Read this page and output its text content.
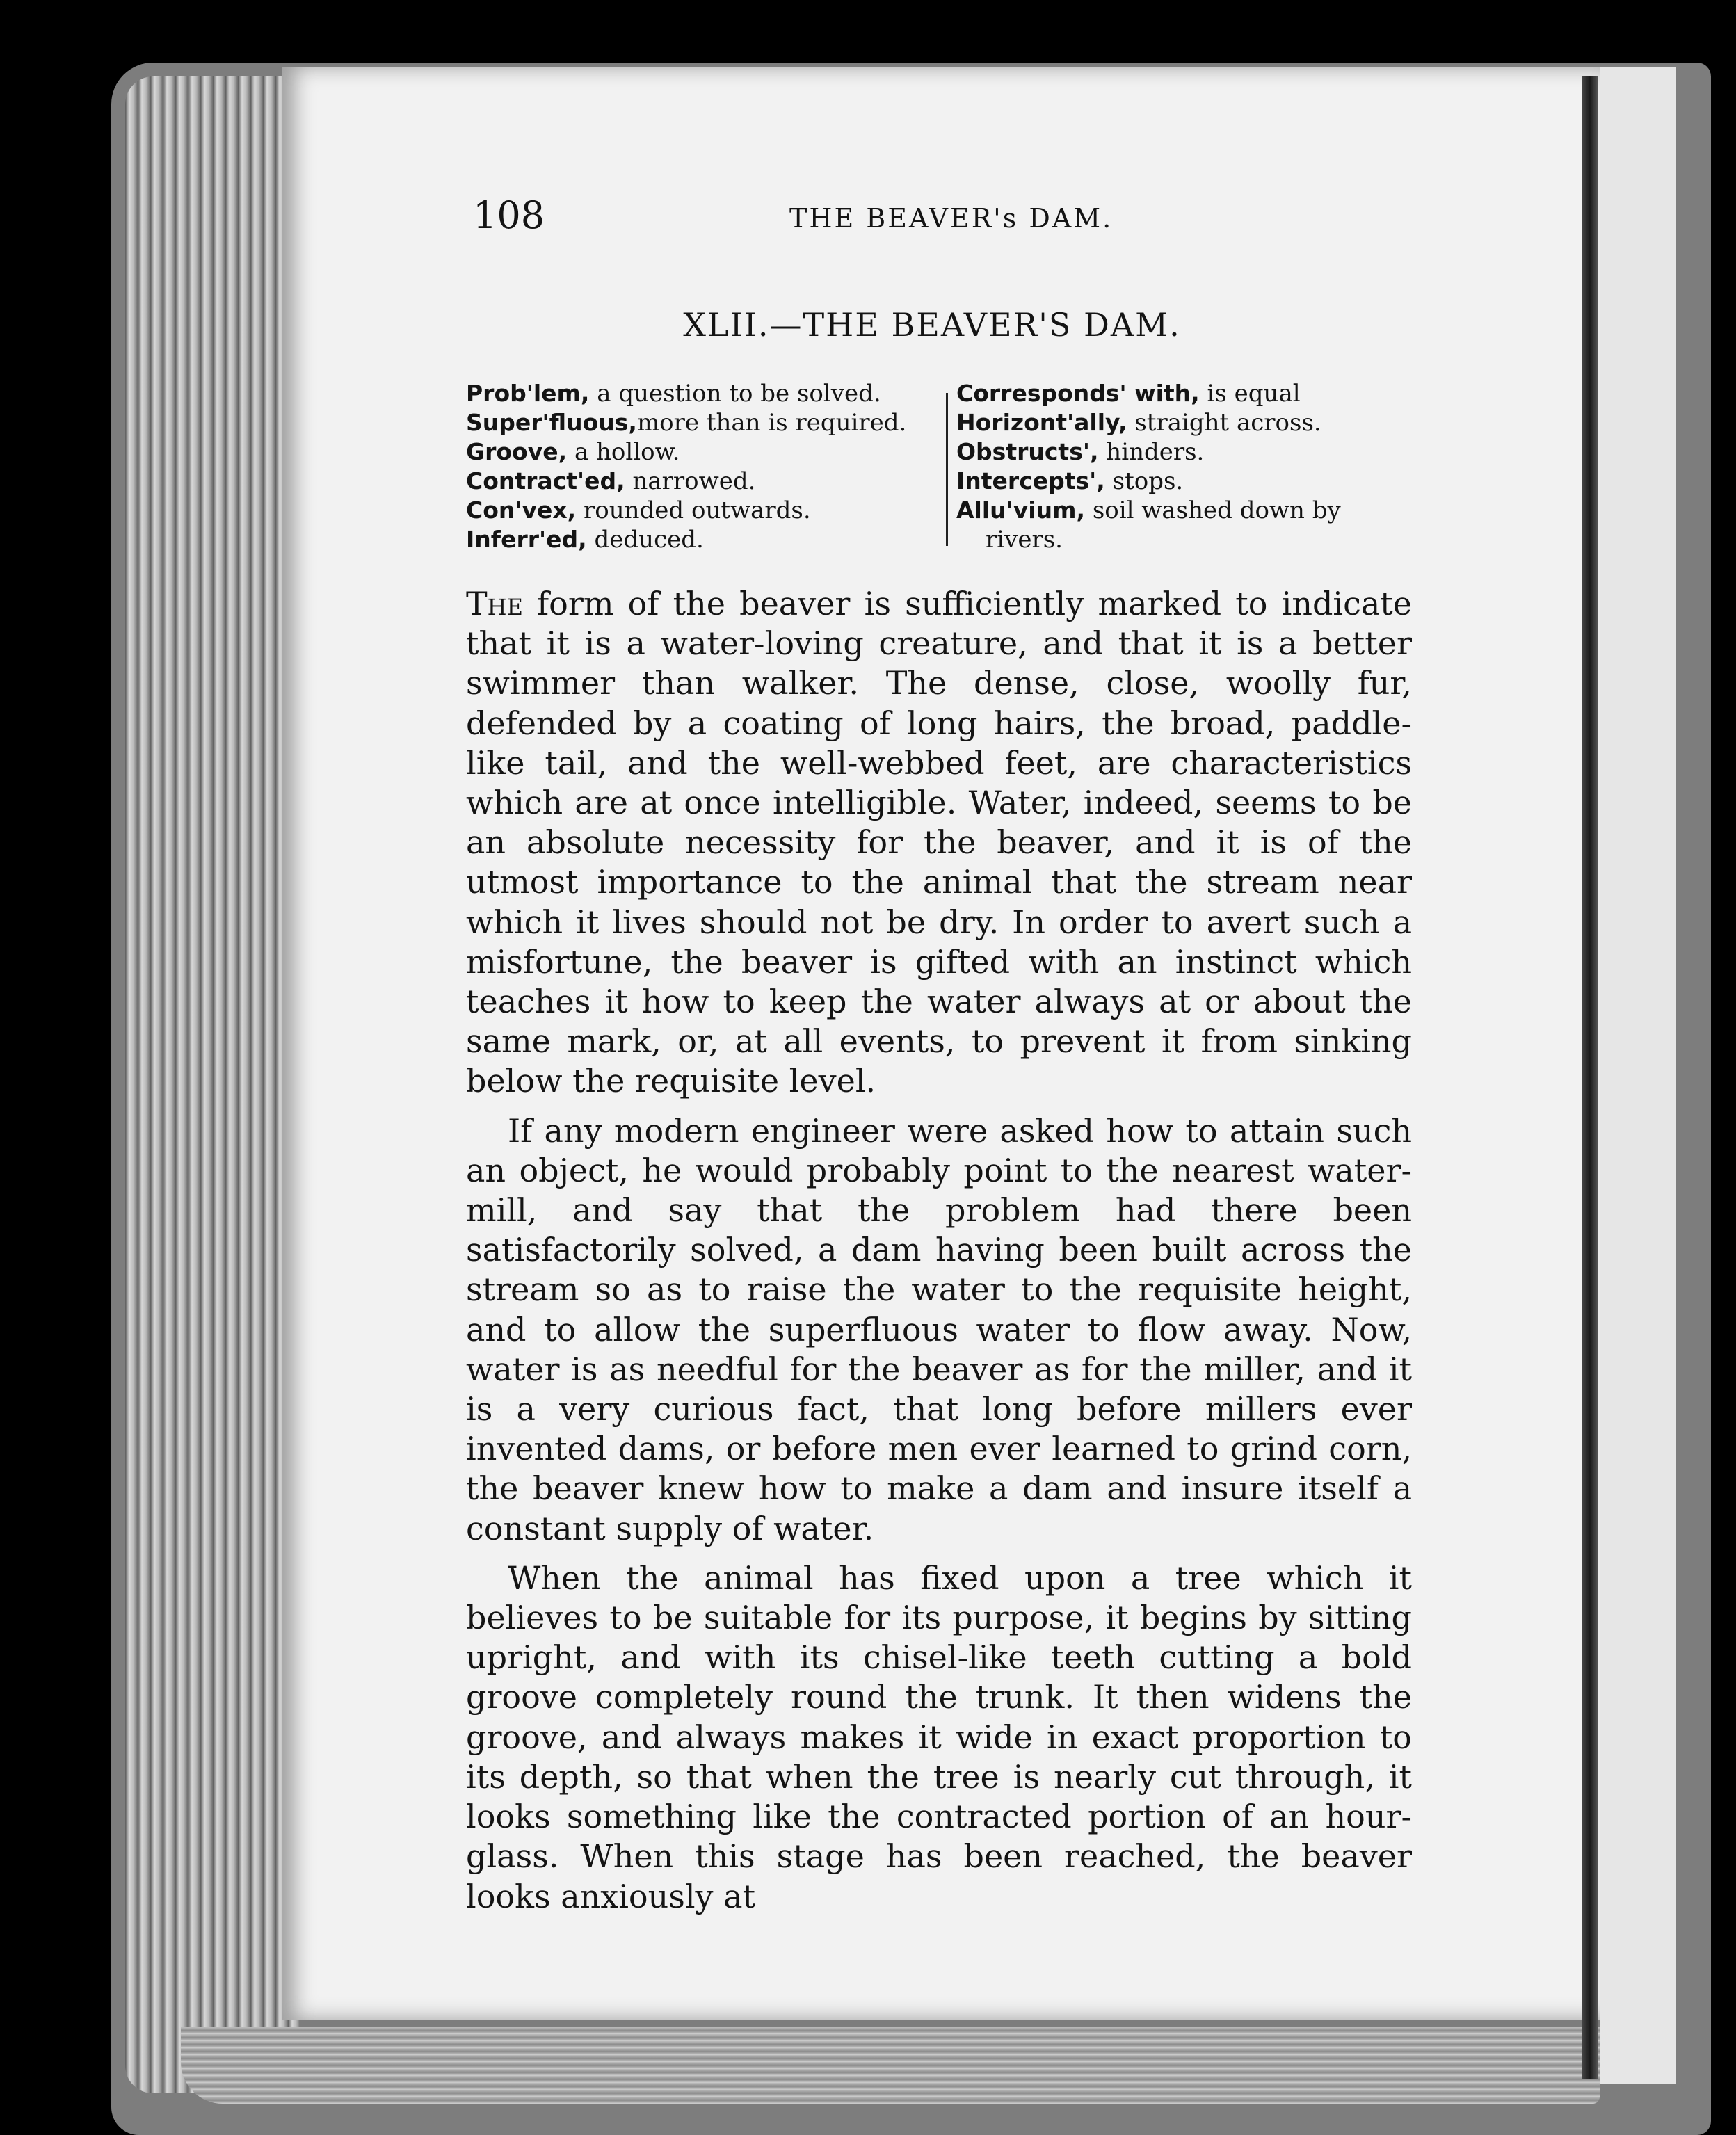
108	THE BEAVER's DAM.
XLII.—THE BEAVER'S DAM.
Prob'lem, a question to be solved.
Super'fluous,more than is required.
Groove, a hollow.
Contract'ed, narrowed.
Con'vex, rounded outwards.
Inferr'ed, deduced.
Corresponds' with, is equal
Horizont'ally, straight across.
Obstructs', hinders.
Intercepts', stops.
Allu'vium, soil washed down by
rivers.

The form of the beaver is sufficiently marked to indicate that it is a water-loving creature, and that it is a better swimmer than walker. The dense, close, woolly fur, defended by a coating of long hairs, the broad, paddle-like tail, and the well-webbed feet, are characteristics which are at once intelligible. Water, indeed, seems to be an absolute necessity for the beaver, and it is of the utmost importance to the animal that the stream near which it lives should not be dry. In order to avert such a misfortune, the beaver is gifted with an instinct which teaches it how to keep the water always at or about the same mark, or, at all events, to prevent it from sinking below the requisite level.

If any modern engineer were asked how to attain such an object, he would probably point to the nearest water-mill, and say that the problem had there been satisfactorily solved, a dam having been built across the stream so as to raise the water to the requisite height, and to allow the superfluous water to flow away. Now, water is as needful for the beaver as for the miller, and it is a very curious fact, that long before millers ever invented dams, or before men ever learned to grind corn, the beaver knew how to make a dam and insure itself a constant supply of water.

When the animal has fixed upon a tree which it believes to be suitable for its purpose, it begins by sitting upright, and with its chisel-like teeth cutting a bold groove completely round the trunk. It then widens the groove, and always makes it wide in exact proportion to its depth, so that when the tree is nearly cut through, it looks something like the contracted portion of an hour-glass. When this stage has been reached, the beaver looks anxiously at
